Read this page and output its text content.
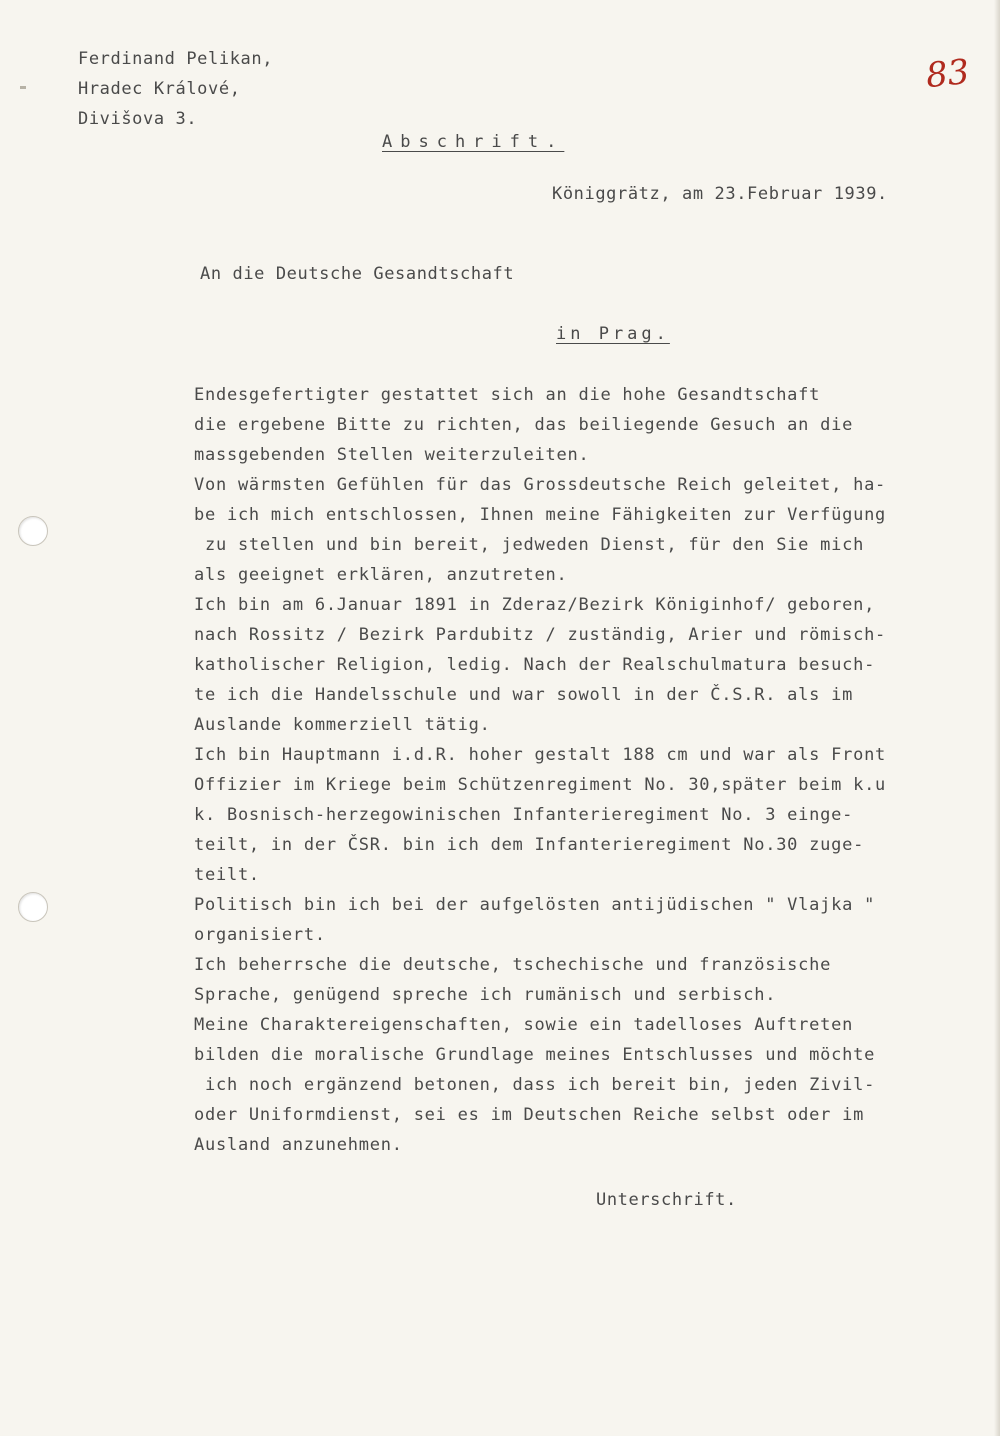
Ferdinand Pelikan,
Hradec Králové,
Divišova 3.
83
Abschrift.
Königgrätz, am 23.Februar 1939.
An die Deutsche Gesandtschaft
in Prag.
Endesgefertigter gestattet sich an die hohe Gesandtschaft
die ergebene Bitte zu richten, das beiliegende Gesuch an die
massgebenden Stellen weiterzuleiten.
Von wärmsten Gefühlen für das Grossdeutsche Reich geleitet, ha-
be ich mich entschlossen, Ihnen meine Fähigkeiten zur Verfügung
zu stellen und bin bereit, jedweden Dienst, für den Sie mich
als geeignet erklären, anzutreten.
Ich bin am 6.Januar 1891 in Zderaz/Bezirk Königinhof/ geboren,
nach Rossitz / Bezirk Pardubitz / zuständig, Arier und römisch-
katholischer Religion, ledig. Nach der Realschulmatura besuch-
te ich die Handelsschule und war sowoll in der Č.S.R. als im
Auslande kommerziell tätig.
Ich bin Hauptmann i.d.R. hoher gestalt 188 cm und war als Front
Offizier im Kriege beim Schützenregiment No. 30,später beim k.u
k. Bosnisch-herzegowinischen Infanterieregiment No. 3 einge-
teilt, in der ČSR. bin ich dem Infanterieregiment No.30 zuge-
teilt.
Politisch bin ich bei der aufgelösten antijüdischen " Vlajka "
organisiert.
Ich beherrsche die deutsche, tschechische und französische
Sprache, genügend spreche ich rumänisch und serbisch.
Meine Charaktereigenschaften, sowie ein tadelloses Auftreten
bilden die moralische Grundlage meines Entschlusses und möchte
ich noch ergänzend betonen, dass ich bereit bin, jeden Zivil-
oder Uniformdienst, sei es im Deutschen Reiche selbst oder im
Ausland anzunehmen.
Unterschrift.
